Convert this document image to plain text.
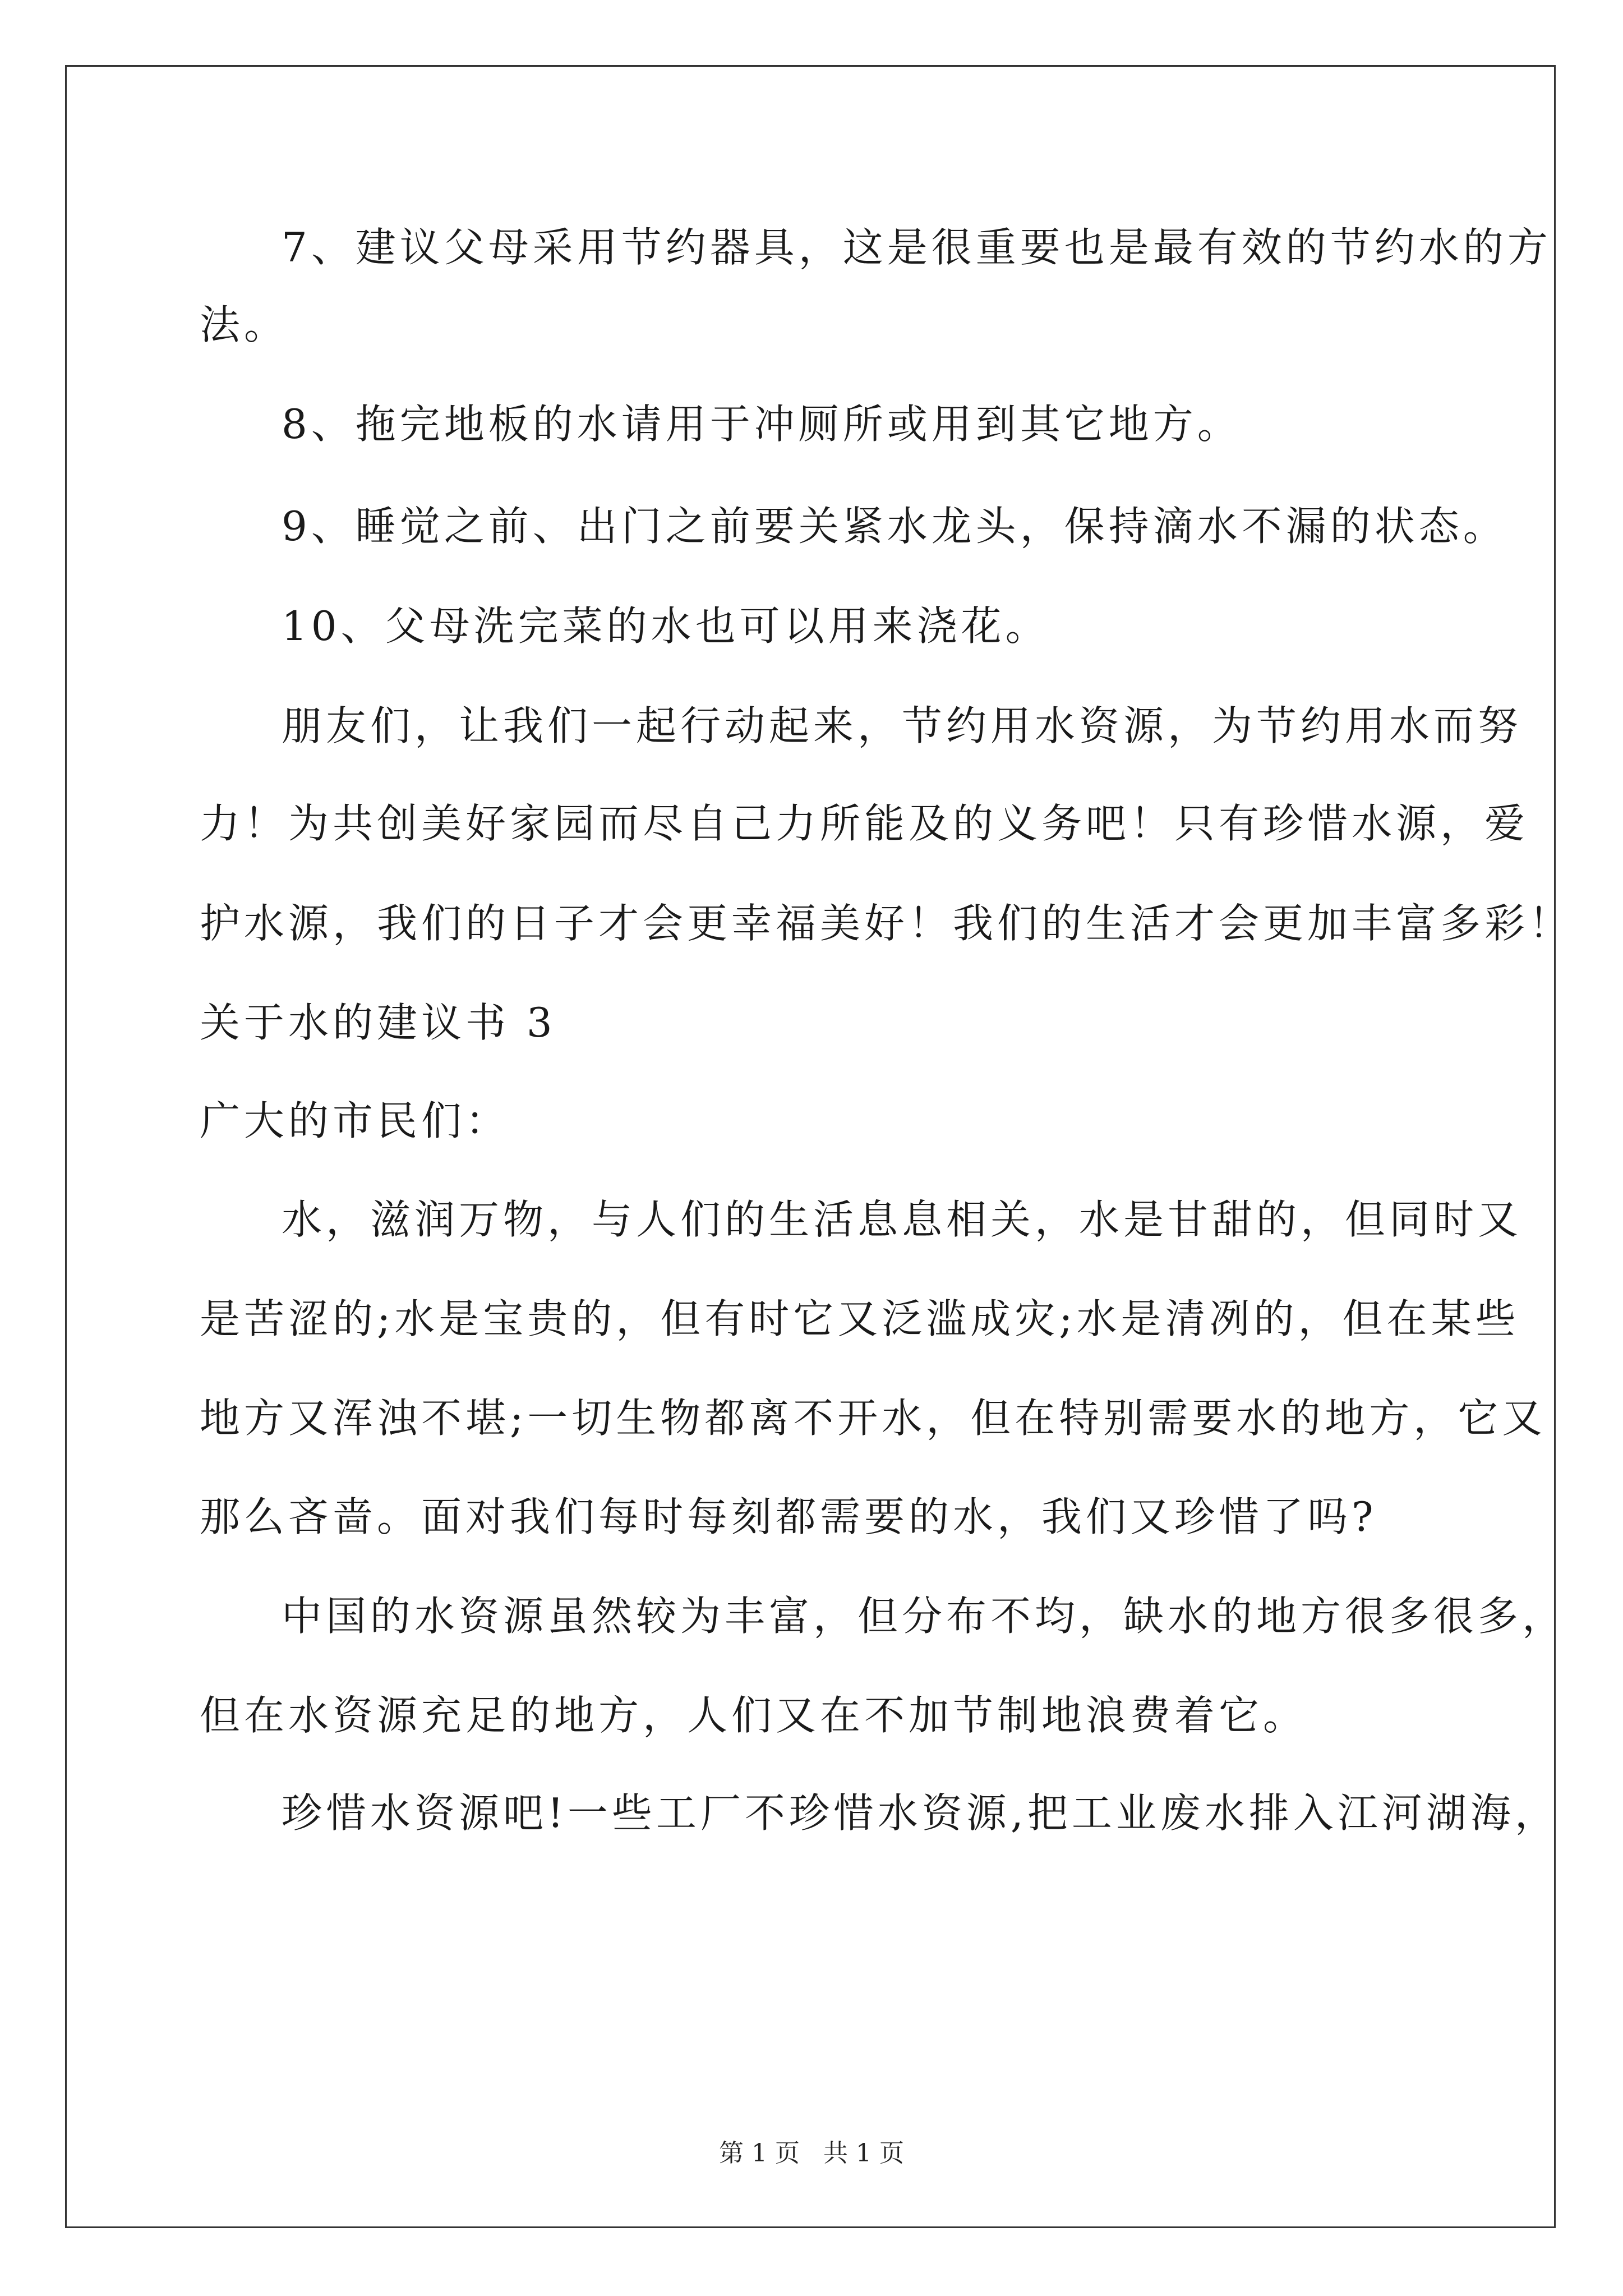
7、建议父母采用节约器具，这是很重要也是最有效的节约水的方
法。
8、拖完地板的水请用于冲厕所或用到其它地方。
9、睡觉之前、出门之前要关紧水龙头，保持滴水不漏的状态。
10、父母洗完菜的水也可以用来浇花。
朋友们，让我们一起行动起来，节约用水资源，为节约用水而努
力！为共创美好家园而尽自己力所能及的义务吧！只有珍惜水源，爱
护水源，我们的日子才会更幸福美好！我们的生活才会更加丰富多彩！
关于水的建议书 3
广大的市民们：
水，滋润万物，与人们的生活息息相关，水是甘甜的，但同时又
是苦涩的;水是宝贵的，但有时它又泛滥成灾;水是清冽的，但在某些
地方又浑浊不堪;一切生物都离不开水，但在特别需要水的地方，它又
那么吝啬。面对我们每时每刻都需要的水，我们又珍惜了吗?
中国的水资源虽然较为丰富，但分布不均，缺水的地方很多很多，
但在水资源充足的地方，人们又在不加节制地浪费着它。
珍惜水资源吧!一些工厂不珍惜水资源,把工业废水排入江河湖海，
第 1 页 共 1 页
